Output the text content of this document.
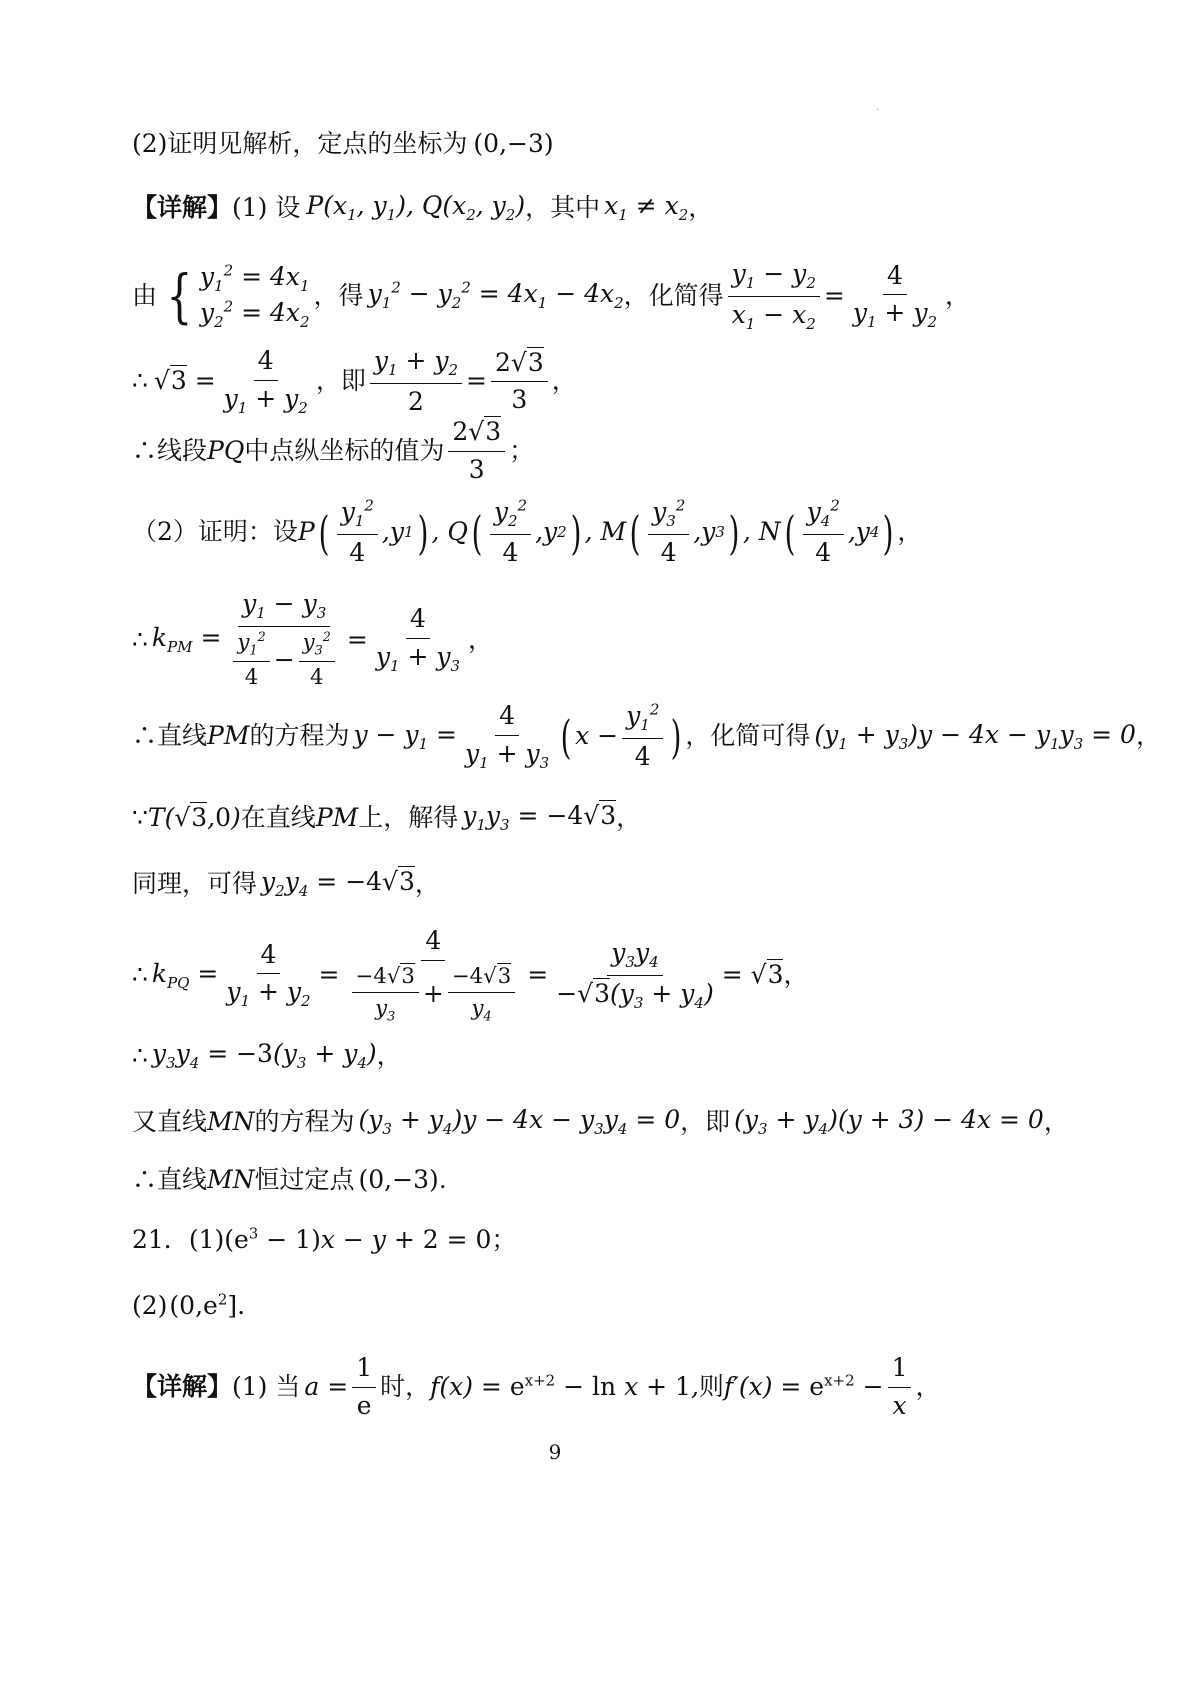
·
(2)证明见解析，定点的坐标为 (0,−3)
【详解】 (1) 设 $P(x_1$, $y_1$), $Q(x_2$, $y_2$) ，其中 $x_1 \ne x_2$ ，
由 { $y_1^2 = 4x_1$
$y_2^2 = 4x_2$
，得 $y_1^2 - y_2^2 = 4x_1 - 4x_2$ ，化简得 $\frac{y_1 - y_2}{x_1 - x_2} = \frac{4}{y_1 + y_2}$ ，
∴ $√3 = \frac{4}{y_1 + y_2}$ ，即 $\frac{y_1 + y_2}{2} = \frac{2√3}{3}$ ，
∴线段 PQ 中点纵坐标的值为 $\frac{2√3}{3}$ ；
（2）证明：设 P ( $\frac{y_1^2}{4} ,y$ 1 ) , Q ( $\frac{y_2^2}{4} ,y$ 2 ) , M ( $\frac{y_3^2}{4} ,y$ 3 ) , N ( $\frac{y_4^2}{4} ,y$ 4 ) ，
∴ $k_{PM} = \frac{y_1 - y_3}{\frac{y_1^2}{4} - \frac{y_3^2}{4}} = \frac{4}{y_1 + y_3}$ ，
∴直线 PM 的方程为 $y - y_1 = \frac{4}{y_1 + y_3}$ ( $x - \frac{y_1^2}{4}$ ) ，化简可得 $(y_1 + y_3)y - 4x - y_1y_3 = 0$ ，
∵ T(√3,0) 在直线 PM 上，解得 $y_1y_3 = -4√3$ ，
同理，可得 $y_2y_4 = -4√3$ ，
∴ $k_{PQ} = \frac{4}{y_1 + y_2} = \frac{4}{\frac{-4√3}{y_3} + \frac{-4√3}{y_4}} = \frac{y_3y_4}{-√3(y_3 + y_4)} = √3$ ，
∴ $y_3y_4 = -3(y_3 + y_4)$ ，
又直线 MN 的方程为 $(y_3 + y_4)y - 4x - y_3y_4 = 0$ ，即 $(y_3 + y_4)(y + 3) - 4x = 0$ ，
∴直线 MN 恒过定点 (0,−3) .
21． (1) $(e^3 - 1)x - y + 2 = 0$ ；
(2) $(0,e^2]$ .
【详解】 (1) 当 $a = \frac{1}{e}$ 时， $f(x) = e^{x+2} - \ln x + 1$, 则 $f'(x) = e^{x+2} - \frac{1}{x}$ ，
9
